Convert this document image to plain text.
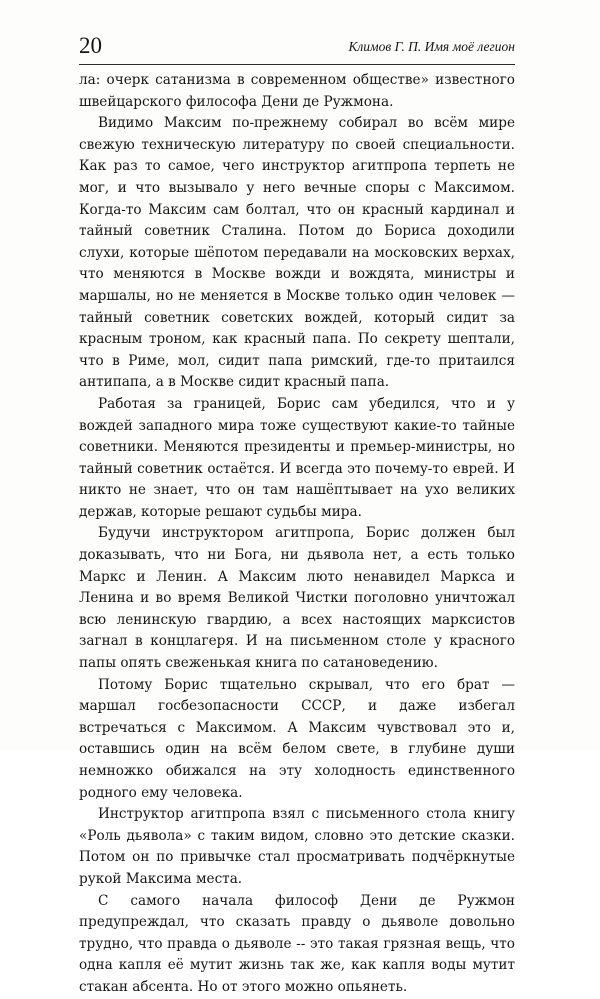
20	Климов Г. П. Имя моё легион

ла: очерк сатанизма в современном обществе» известного швейцарского философа Дени де Ружмона.

Видимо Максим по-прежнему собирал во всём мире свежую техническую литературу по своей специальности. Как раз то самое, чего инструктор агитпропа терпеть не мог, и что вызывало у него вечные споры с Максимом. Когда-то Максим сам болтал, что он красный кардинал и тайный советник Сталина. Потом до Бориса доходили слухи, которые шёпотом передавали на московских верхах, что меняются в Москве вожди и вождята, министры и маршалы, но не меняется в Москве только один человек — тайный советник советских вождей, который сидит за красным троном, как красный папа. По секрету шептали, что в Риме, мол, сидит папа римский, где-то притаился антипапа, а в Москве сидит красный папа.

Работая за границей, Борис сам убедился, что и у вождей западного мира тоже существуют какие-то тайные советники. Меняются президенты и премьер-министры, но тайный советник остаётся. И всегда это почему-то еврей. И никто не знает, что он там нашёптывает на ухо великих держав, которые решают судьбы мира.

Будучи инструктором агитпропа, Борис должен был доказывать, что ни Бога, ни дьявола нет, а есть только Маркс и Ленин. А Максим люто ненавидел Маркса и Ленина и во время Великой Чистки поголовно уничтожал всю ленинскую гвардию, а всех настоящих марксистов загнал в концлагеря. И на письменном столе у красного папы опять свеженькая книга по сатановедению.

Потому Борис тщательно скрывал, что его брат — маршал госбезопасности СССР, и даже избегал встречаться с Максимом. А Максим чувствовал это и, оставшись один на всём белом свете, в глубине души немножко обижался на эту холодность единственного родного ему человека.

Инструктор агитпропа взял с письменного стола книгу «Роль дьявола» с таким видом, словно это детские сказки. Потом он по привычке стал просматривать подчёркнутые рукой Максима места.

С самого начала философ Дени де Ружмон предупреждал, что сказать правду о дьяволе довольно трудно, что правда о дьяволе -- это такая грязная вещь, что одна капля её мутит жизнь так же, как капля воды мутит стакан абсента. Но от этого можно опьянеть.
